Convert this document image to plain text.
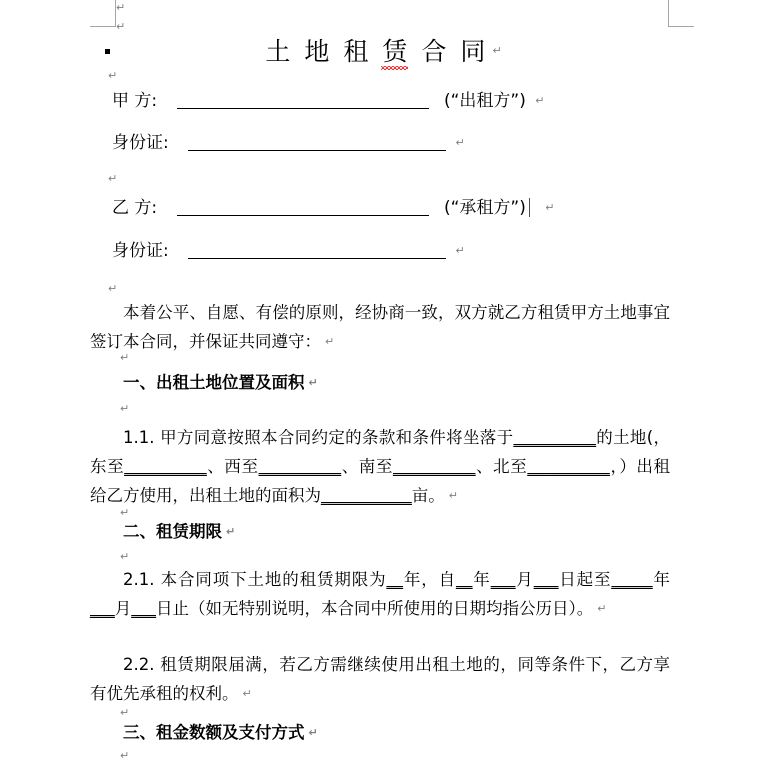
↵
↵
土 地 租 赁 合 同 ↵
↵
甲 方:	(“出租方”) ↵
身份证:	↵
↵
乙 方:	(“承租方”) ↵
身份证:	↵
↵
本着公平、自愿、有偿的原则，经协商一致，双方就乙方租赁甲方土地事宜签订本合同，并保证共同遵守： ↵
↵
一、出租土地位置及面积 ↵
↵
1.1. 甲方同意按照本合同约定的条款和条件将坐落于__________的土地(，东至__________、西至__________、南至__________、北至__________，）出租给乙方使用，出租土地的面积为___________亩。 ↵
↵
二、租赁期限 ↵
↵
2.1. 本合同项下土地的租赁期限为__年，自__年___月___日起至_____年___月___日止（如无特别说明，本合同中所使用的日期均指公历日）。 ↵
2.2. 租赁期限届满，若乙方需继续使用出租土地的，同等条件下，乙方享有优先承租的权利。 ↵
↵
三、租金数额及支付方式 ↵
↵
